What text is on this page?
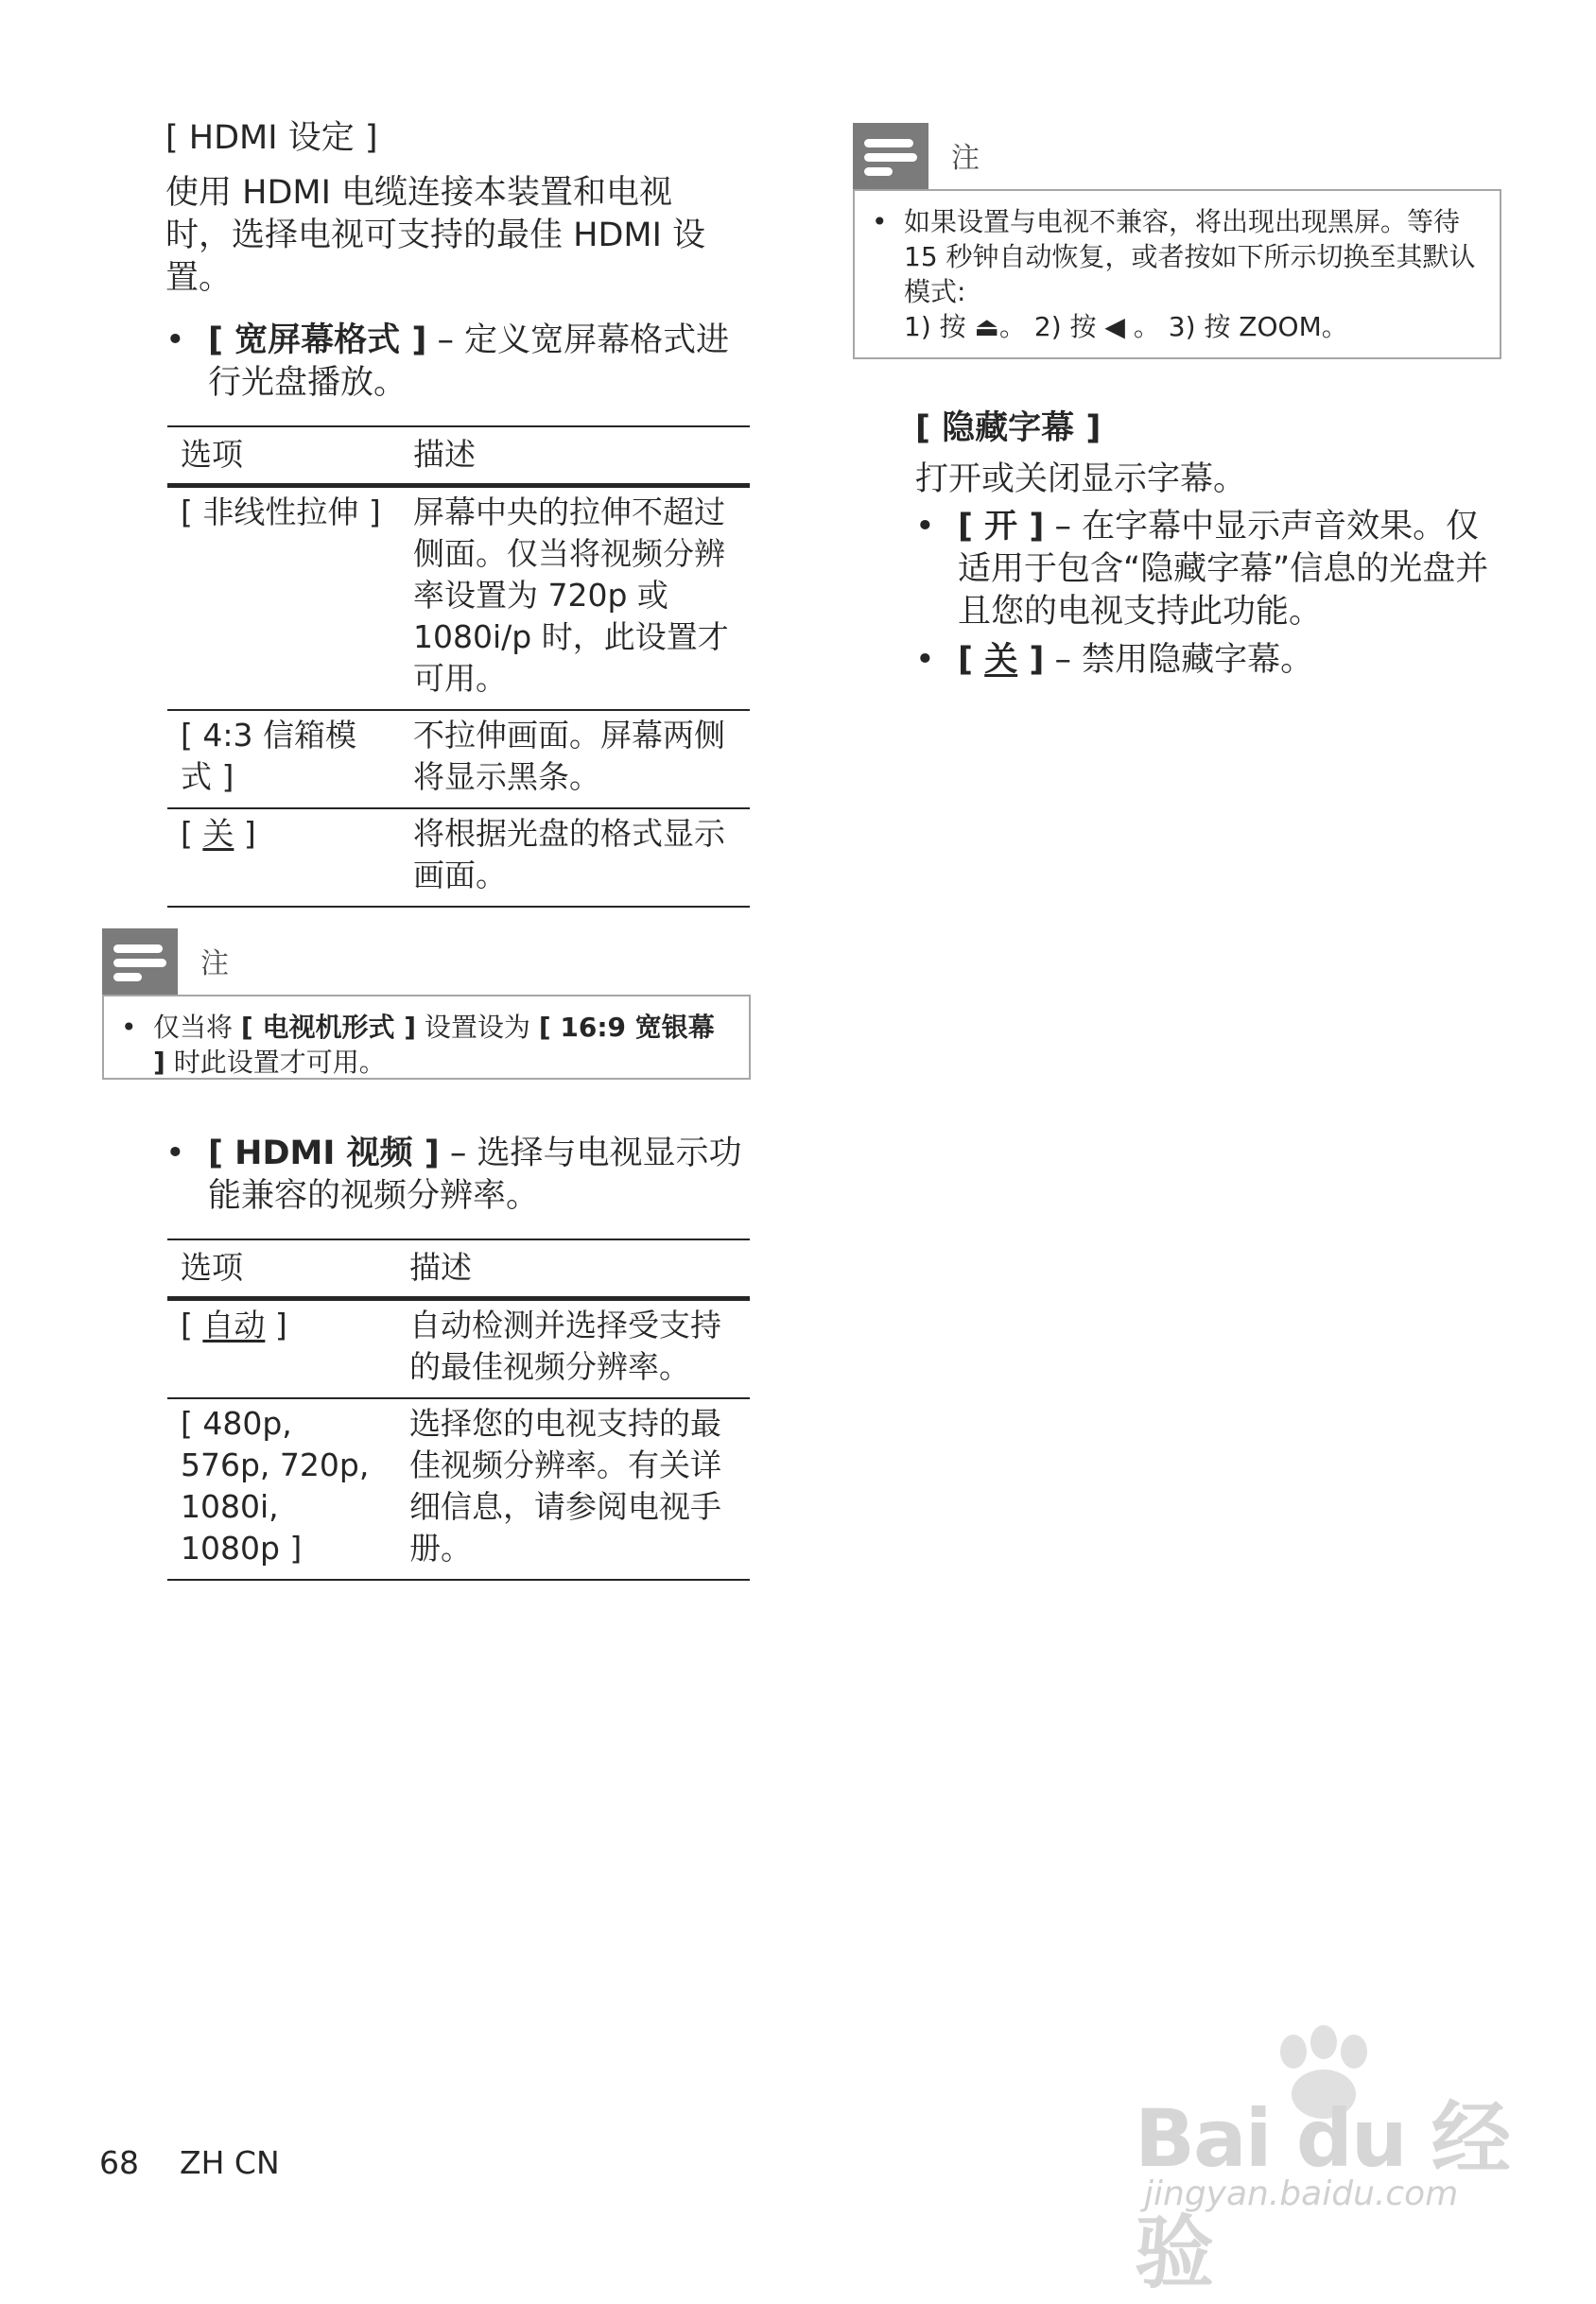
[ HDMI 设定 ]
使用 HDMI 电缆连接本装置和电视时，选择电视可支持的最佳 HDMI 设置。
• [ 宽屏幕格式 ] – 定义宽屏幕格式进行光盘播放。
选项	描述
[ 非线性拉伸 ]	屏幕中央的拉伸不超过侧面。仅当将视频分辨率设置为 720p 或 1080i/p 时，此设置才可用。
[ 4:3 信箱模式 ]	不拉伸画面。屏幕两侧将显示黑条。
[ 关 ]	将根据光盘的格式显示画面。
注
• 仅当将 [ 电视机形式 ] 设置设为 [ 16:9 宽银幕 ] 时此设置才可用。
• [ HDMI 视频 ] – 选择与电视显示功能兼容的视频分辨率。
选项	描述
[ 自动 ]	自动检测并选择受支持的最佳视频分辨率。
[ 480p, 576p, 720p, 1080i, 1080p ]	选择您的电视支持的最佳视频分辨率。有关详细信息，请参阅电视手册。
注
• 如果设置与电视不兼容，将出现出现黑屏。等待 15 秒钟自动恢复，或者按如下所示切换至其默认模式:
1) 按 ⏏。 2) 按 ◀ 。 3) 按 ZOOM。
[ 隐藏字幕 ]
打开或关闭显示字幕。
• [ 开 ] – 在字幕中显示声音效果。仅适用于包含“隐藏字幕”信息的光盘并且您的电视支持此功能。
• [ 关 ] – 禁用隐藏字幕。
68 ZH CN	Bai du 经验
jingyan.baidu.com
